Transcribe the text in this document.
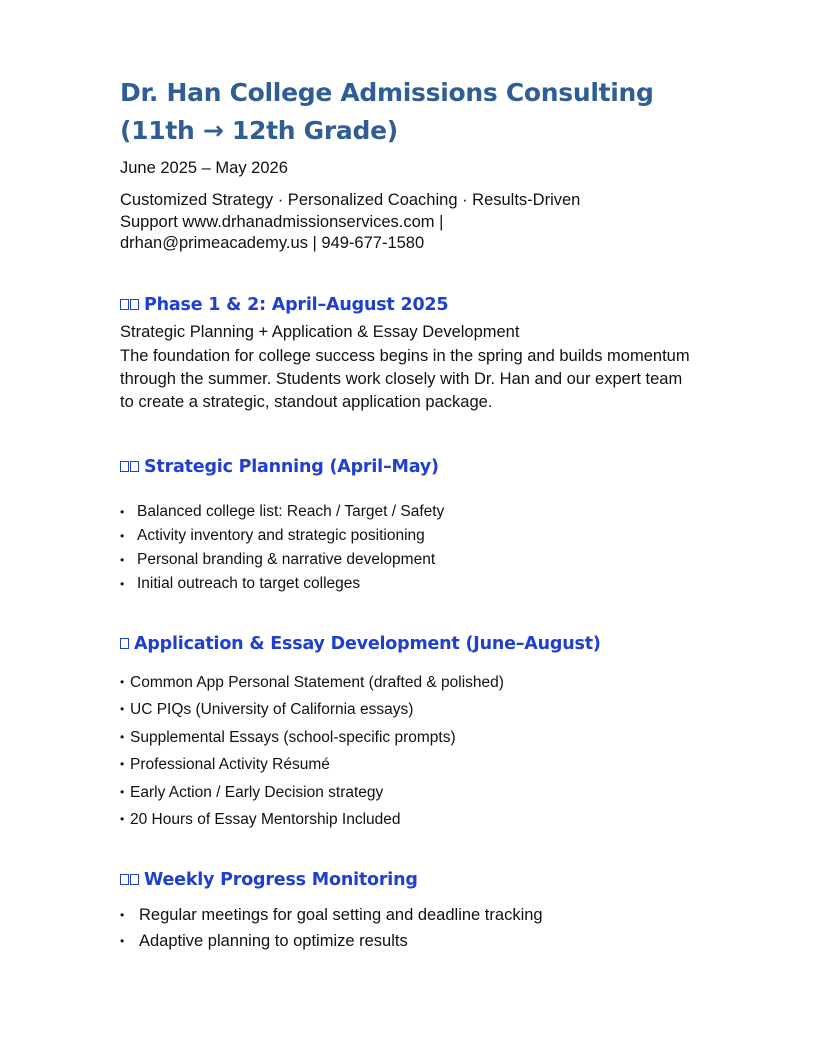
Dr. Han College Admissions Consulting
(11th → 12th Grade)
June 2025 – May 2026
Customized Strategy · Personalized Coaching · Results-Driven
Support www.drhanadmissionservices.com |
drhan@primeacademy.us | 949-677-1580
Phase 1 & 2: April–August 2025
Strategic Planning + Application & Essay Development
The foundation for college success begins in the spring and builds momentum through the summer. Students work closely with Dr. Han and our expert team to create a strategic, standout application package.
Strategic Planning (April–May)
• Balanced college list: Reach / Target / Safety
• Activity inventory and strategic positioning
• Personal branding & narrative development
• Initial outreach to target colleges
Application & Essay Development (June–August)
• Common App Personal Statement (drafted & polished)
• UC PIQs (University of California essays)
• Supplemental Essays (school-specific prompts)
• Professional Activity Résumé
• Early Action / Early Decision strategy
• 20 Hours of Essay Mentorship Included
Weekly Progress Monitoring
• Regular meetings for goal setting and deadline tracking
• Adaptive planning to optimize results
